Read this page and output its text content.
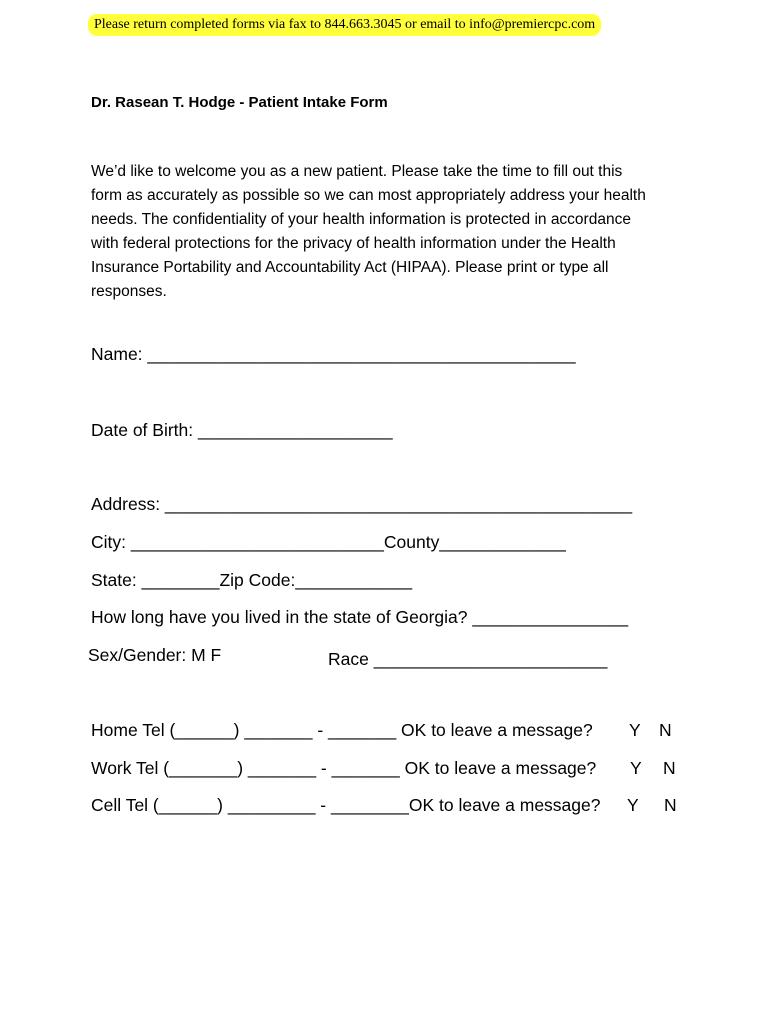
Please return completed forms via fax to 844.663.3045 or email to info@premiercpc.com
Dr. Rasean T. Hodge - Patient Intake Form
We’d like to welcome you as a new patient. Please take the time to fill out this
form as accurately as possible so we can most appropriately address your health
needs. The confidentiality of your health information is protected in accordance
with federal protections for the privacy of health information under the Health
Insurance Portability and Accountability Act (HIPAA). Please print or type all
responses.
Name: ____________________________________________
Date of Birth: ____________________
Address: ________________________________________________
City: __________________________County_____________
State: ________Zip Code:____________
How long have you lived in the state of Georgia? ________________
Sex/Gender: M F	Race ________________________
Home Tel (______) _______ - _______ OK to leave a message? Y N
Work Tel (_______) _______ - _______ OK to leave a message? Y N
Cell Tel (______) _________ - ________OK to leave a message? Y N
